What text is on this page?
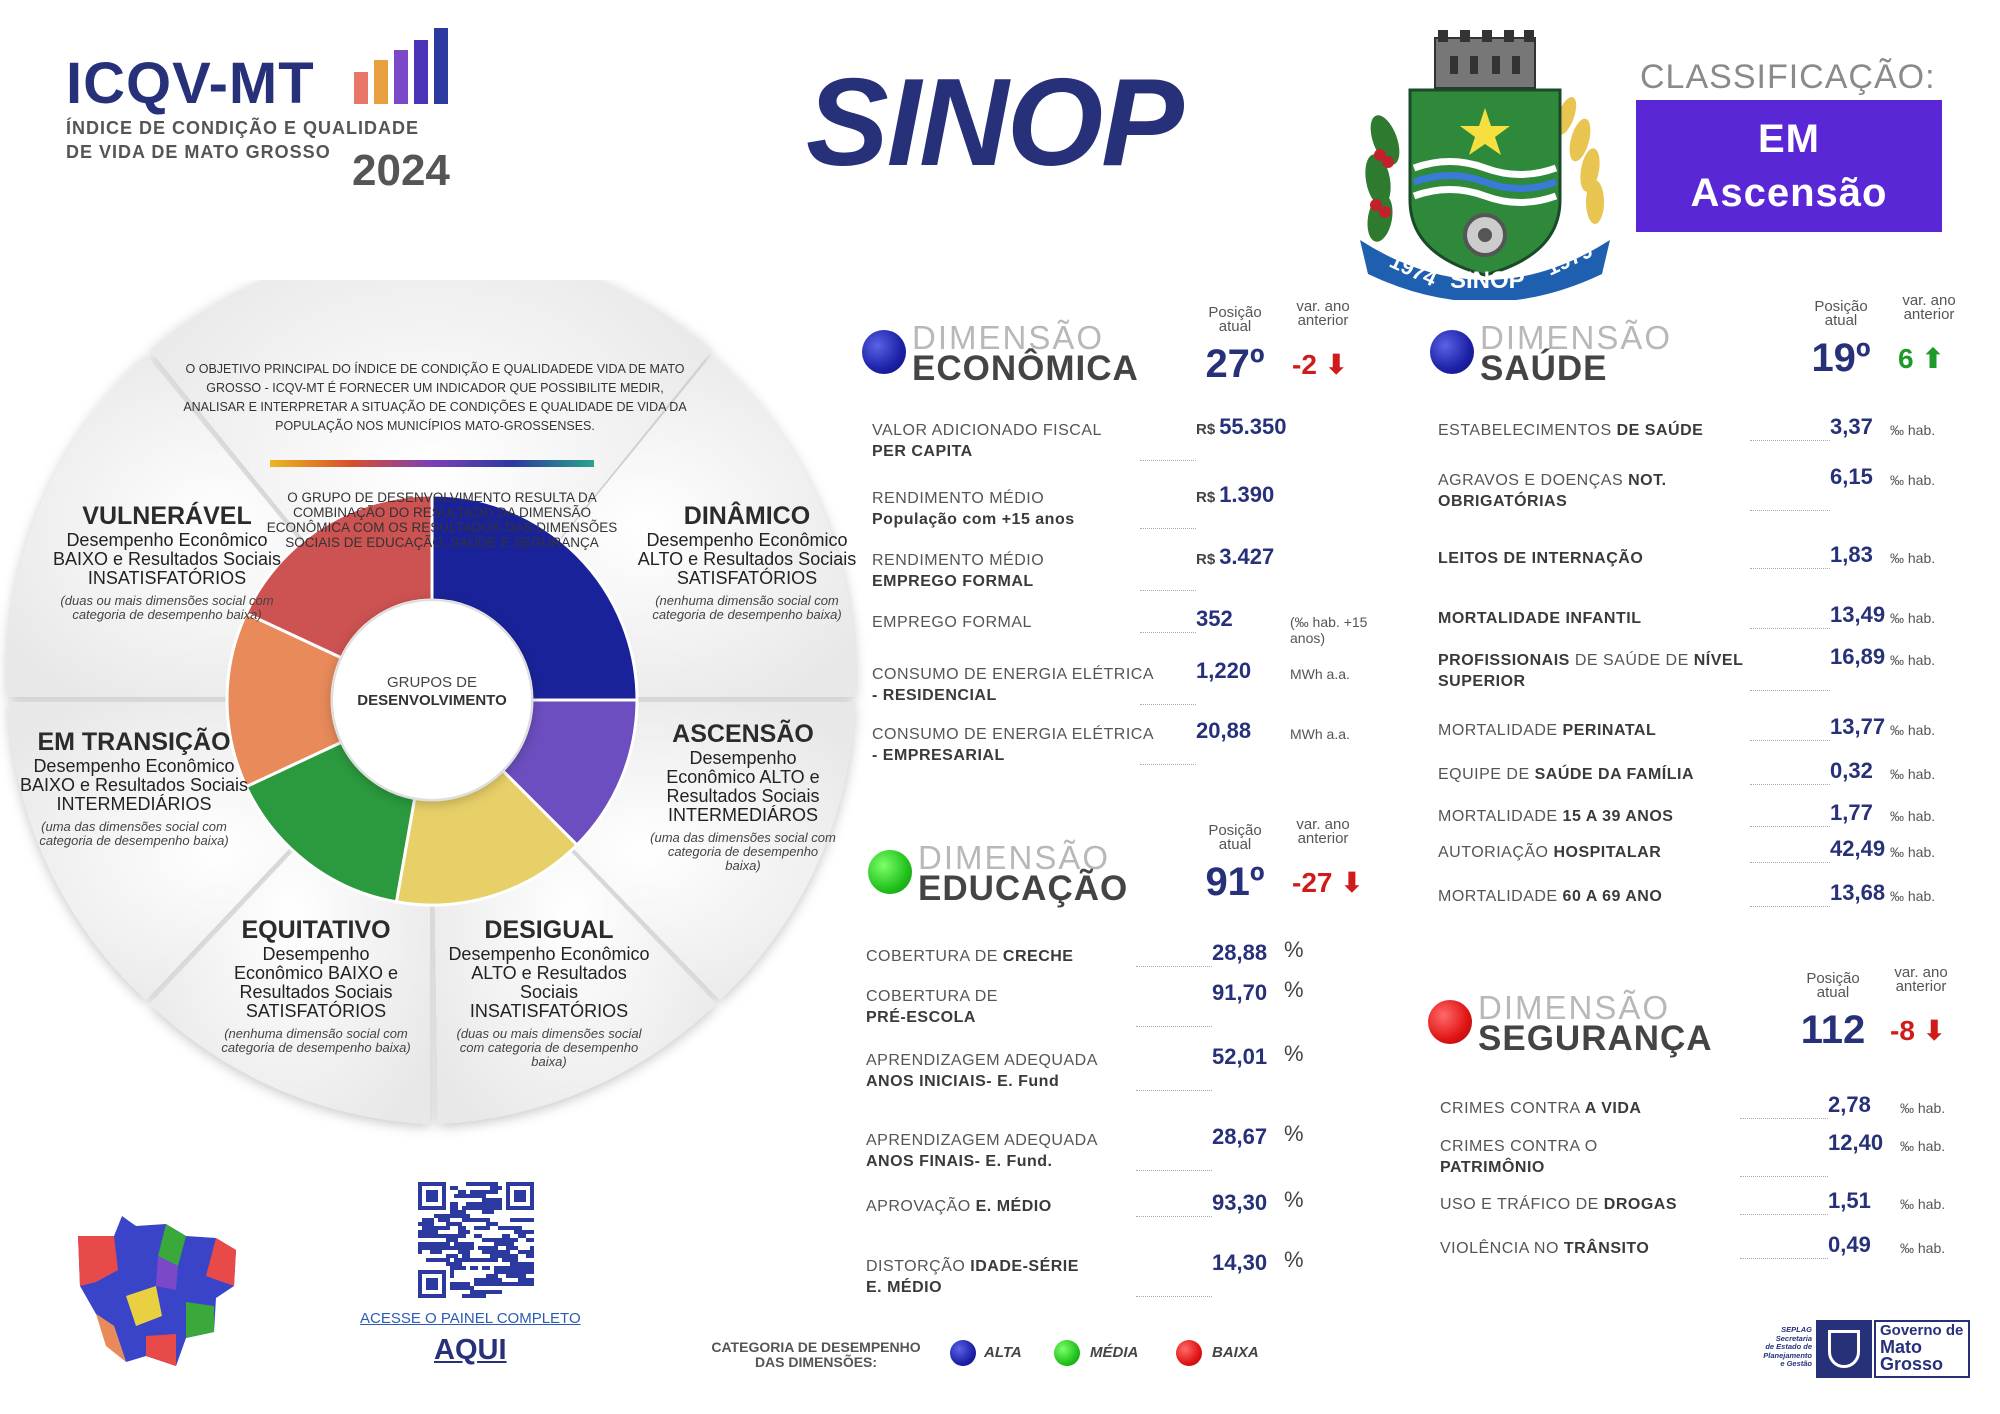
ICQV-MT
ÍNDICE DE CONDIÇÃO E QUALIDADE
DE VIDA DE MATO GROSSO 2024	SINOP
1974 SINOP 1979
CLASSIFICAÇÃO:
EM
Ascensão
O OBJETIVO PRINCIPAL DO ÍNDICE DE CONDIÇÃO E QUALIDADEDE VIDA DE MATO GROSSO - ICQV-MT É FORNECER UM INDICADOR QUE POSSIBILITE MEDIR, ANALISAR E INTERPRETAR A SITUAÇÃO DE CONDIÇÕES E QUALIDADE DE VIDA DA POPULAÇÃO NOS MUNICÍPIOS MATO-GROSSENSES.
O GRUPO DE DESENVOLVIMENTO RESULTA DA COMBINAÇÃO DO RESULTADO DA DIMENSÃO ECONÔMICA COM OS RESULTADOS DAS DIMENSÕES SOCIAIS DE EDUCAÇÃO, SAÚDE E SEGURANÇA
GRUPOS DE
DESENVOLVIMENTO
VULNERÁVEL
Desempenho Econômico BAIXO e Resultados Sociais INSATISFATÓRIOS
(duas ou mais dimensões social com categoria de desempenho baixa)
DINÂMICO
Desempenho Econômico ALTO e Resultados Sociais SATISFATÓRIOS
(nenhuma dimensão social com categoria de desempenho baixa)
EM TRANSIÇÃO
Desempenho Econômico BAIXO e Resultados Sociais INTERMEDIÁRIOS
(uma das dimensões social com categoria de desempenho baixa)
ASCENSÃO
Desempenho Econômico ALTO e Resultados Sociais INTERMEDIÁROS
(uma das dimensões social com categoria de desempenho baixa)
EQUITATIVO
Desempenho Econômico BAIXO e Resultados Sociais SATISFATÓRIOS
(nenhuma dimensão social com categoria de desempenho baixa)
DESIGUAL
Desempenho Econômico ALTO e Resultados Sociais INSATISFATÓRIOS
(duas ou mais dimensões social com categoria de desempenho baixa)
DIMENSÃO
ECONÔMICA
Posição
atual
var. ano
anterior
27º -2 ⬇
VALOR ADICIONADO FISCAL
PER CAPITA
R$ 55.350
RENDIMENTO MÉDIO
População com +15 anos
R$ 1.390
RENDIMENTO MÉDIO
EMPREGO FORMAL
R$ 3.427
EMPREGO FORMAL	352	(‰ hab. +15 anos)
CONSUMO DE ENERGIA ELÉTRICA
- RESIDENCIAL
1,220	MWh a.a.
CONSUMO DE ENERGIA ELÉTRICA
- EMPRESARIAL
20,88	MWh a.a.
DIMENSÃO
SAÚDE
Posição
atual
var. ano
anterior
19º 6 ⬆
ESTABELECIMENTOS DE SAÚDE	3,37 ‰ hab.
AGRAVOS E DOENÇAS NOT.
OBRIGATÓRIAS
6,15 ‰ hab.
LEITOS DE INTERNAÇÃO	1,83 ‰ hab.
MORTALIDADE INFANTIL	13,49 ‰ hab.
PROFISSIONAIS DE SAÚDE DE NÍVEL
SUPERIOR
16,89 ‰ hab.
MORTALIDADE PERINATAL	13,77 ‰ hab.
EQUIPE DE SAÚDE DA FAMÍLIA	0,32 ‰ hab.
MORTALIDADE 15 A 39 ANOS	1,77 ‰ hab.
AUTORIAÇÃO HOSPITALAR	42,49 ‰ hab.
MORTALIDADE 60 A 69 ANO	13,68 ‰ hab.
DIMENSÃO
EDUCAÇÃO
Posição
atual
var. ano
anterior
91º -27 ⬇
COBERTURA DE CRECHE	28,88 %
COBERTURA DE
PRÉ-ESCOLA
91,70 %
APRENDIZAGEM ADEQUADA
ANOS INICIAIS- E. Fund
52,01 %
APRENDIZAGEM ADEQUADA
ANOS FINAIS- E. Fund.
28,67 %
APROVAÇÃO E. MÉDIO	93,30 %
DISTORÇÃO IDADE-SÉRIE
E. MÉDIO
14,30 %
DIMENSÃO
SEGURANÇA
Posição
atual
var. ano
anterior
112 -8 ⬇
CRIMES CONTRA A VIDA	2,78 ‰ hab.
CRIMES CONTRA O
PATRIMÔNIO
12,40 ‰ hab.
USO E TRÁFICO DE DROGAS	1,51 ‰ hab.
VIOLÊNCIA NO TRÂNSITO	0,49 ‰ hab.
ACESSE O PAINEL COMPLETO
AQUI	CATEGORIA DE DESEMPENHO DAS DIMENSÕES:
ALTA	MÉDIA	BAIXA
SEPLAG
Secretaria
de Estado de
Planejamento
e Gestão
Governo de
Mato
Grosso
